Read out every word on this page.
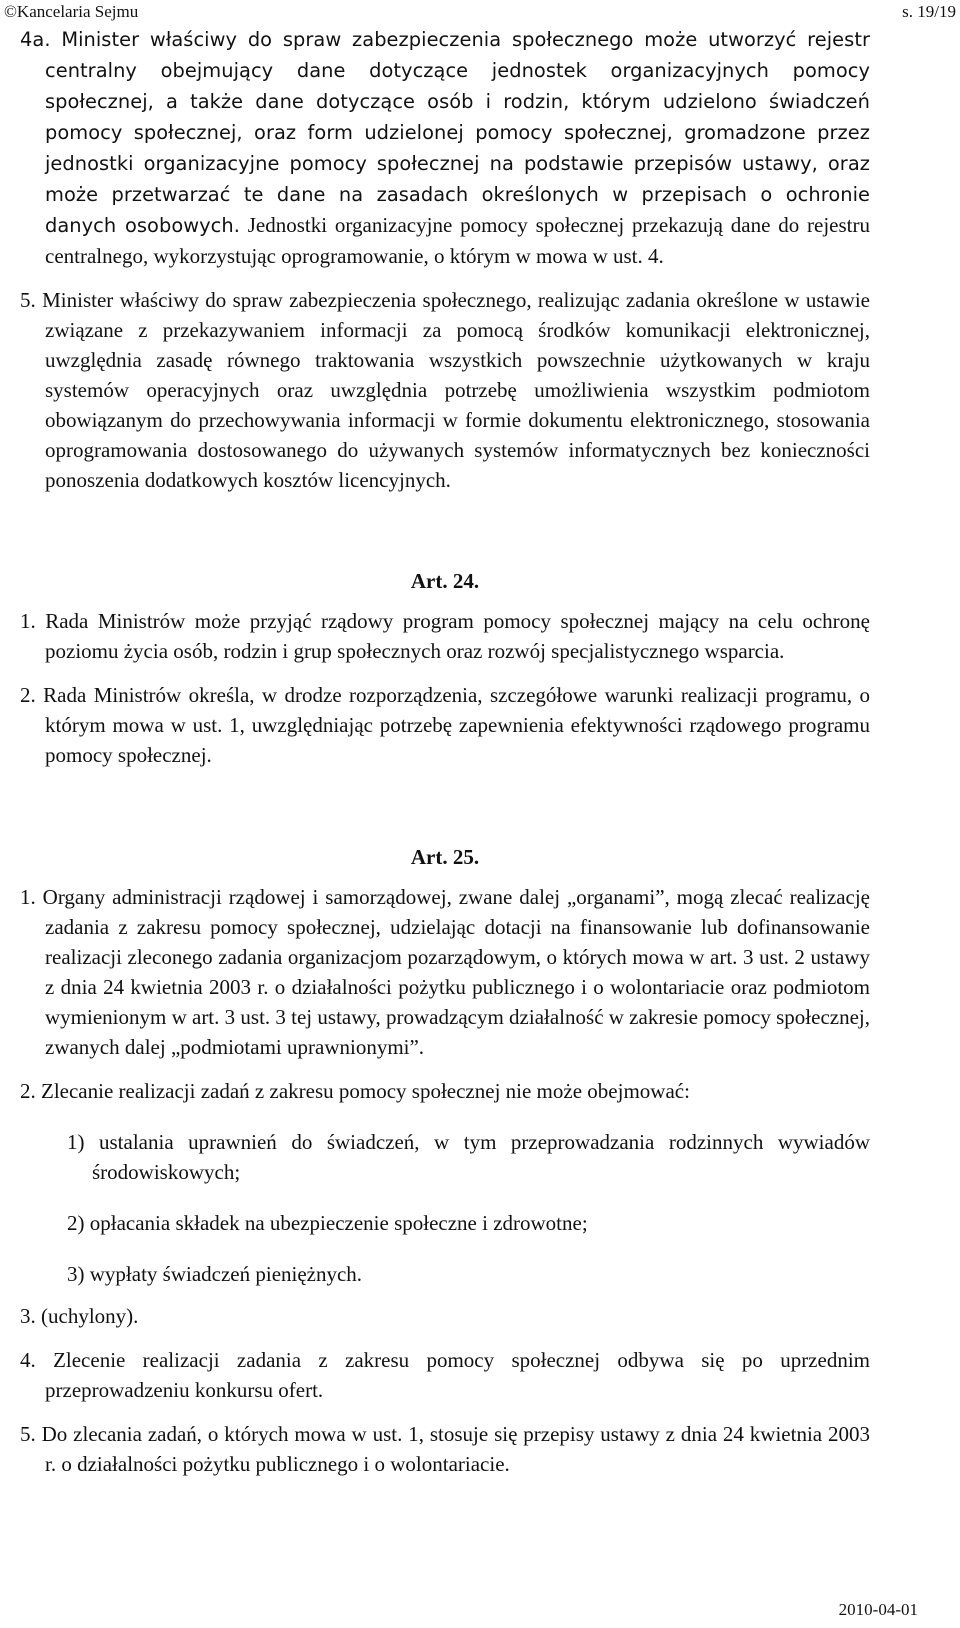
©Kancelaria Sejmu	s. 19/19

4a. Minister właściwy do spraw zabezpieczenia społecznego może utworzyć rejestr centralny obejmujący dane dotyczące jednostek organizacyjnych pomocy społecznej, a także dane dotyczące osób i rodzin, którym udzielono świadczeń pomocy społecznej, oraz form udzielonej pomocy społecznej, gromadzone przez jednostki organizacyjne pomocy społecznej na podstawie przepisów ustawy, oraz może przetwarzać te dane na zasadach określonych w przepisach o ochronie danych osobowych. Jednostki organizacyjne pomocy społecznej przekazują dane do rejestru centralnego, wykorzystując oprogramowanie, o którym w mowa w ust. 4.

5. Minister właściwy do spraw zabezpieczenia społecznego, realizując zadania określone w ustawie związane z przekazywaniem informacji za pomocą środków komunikacji elektronicznej, uwzględnia zasadę równego traktowania wszystkich powszechnie użytkowanych w kraju systemów operacyjnych oraz uwzględnia potrzebę umożliwienia wszystkim podmiotom obowiązanym do przechowywania informacji w formie dokumentu elektronicznego, stosowania oprogramowania dostosowanego do używanych systemów informatycznych bez konieczności ponoszenia dodatkowych kosztów licencyjnych.

Art. 24.

1. Rada Ministrów może przyjąć rządowy program pomocy społecznej mający na celu ochronę poziomu życia osób, rodzin i grup społecznych oraz rozwój specjalistycznego wsparcia.

2. Rada Ministrów określa, w drodze rozporządzenia, szczegółowe warunki realizacji programu, o którym mowa w ust. 1, uwzględniając potrzebę zapewnienia efektywności rządowego programu pomocy społecznej.

Art. 25.

1. Organy administracji rządowej i samorządowej, zwane dalej „organami”, mogą zlecać realizację zadania z zakresu pomocy społecznej, udzielając dotacji na finansowanie lub dofinansowanie realizacji zleconego zadania organizacjom pozarządowym, o których mowa w art. 3 ust. 2 ustawy z dnia 24 kwietnia 2003 r. o działalności pożytku publicznego i o wolontariacie oraz podmiotom wymienionym w art. 3 ust. 3 tej ustawy, prowadzącym działalność w zakresie pomocy społecznej, zwanych dalej „podmiotami uprawnionymi”.

2. Zlecanie realizacji zadań z zakresu pomocy społecznej nie może obejmować:

1) ustalania uprawnień do świadczeń, w tym przeprowadzania rodzinnych wywiadów środowiskowych;

2) opłacania składek na ubezpieczenie społeczne i zdrowotne;

3) wypłaty świadczeń pieniężnych.

3. (uchylony).

4. Zlecenie realizacji zadania z zakresu pomocy społecznej odbywa się po uprzednim przeprowadzeniu konkursu ofert.

5. Do zlecania zadań, o których mowa w ust. 1, stosuje się przepisy ustawy z dnia 24 kwietnia 2003 r. o działalności pożytku publicznego i o wolontariacie.

2010-04-01
